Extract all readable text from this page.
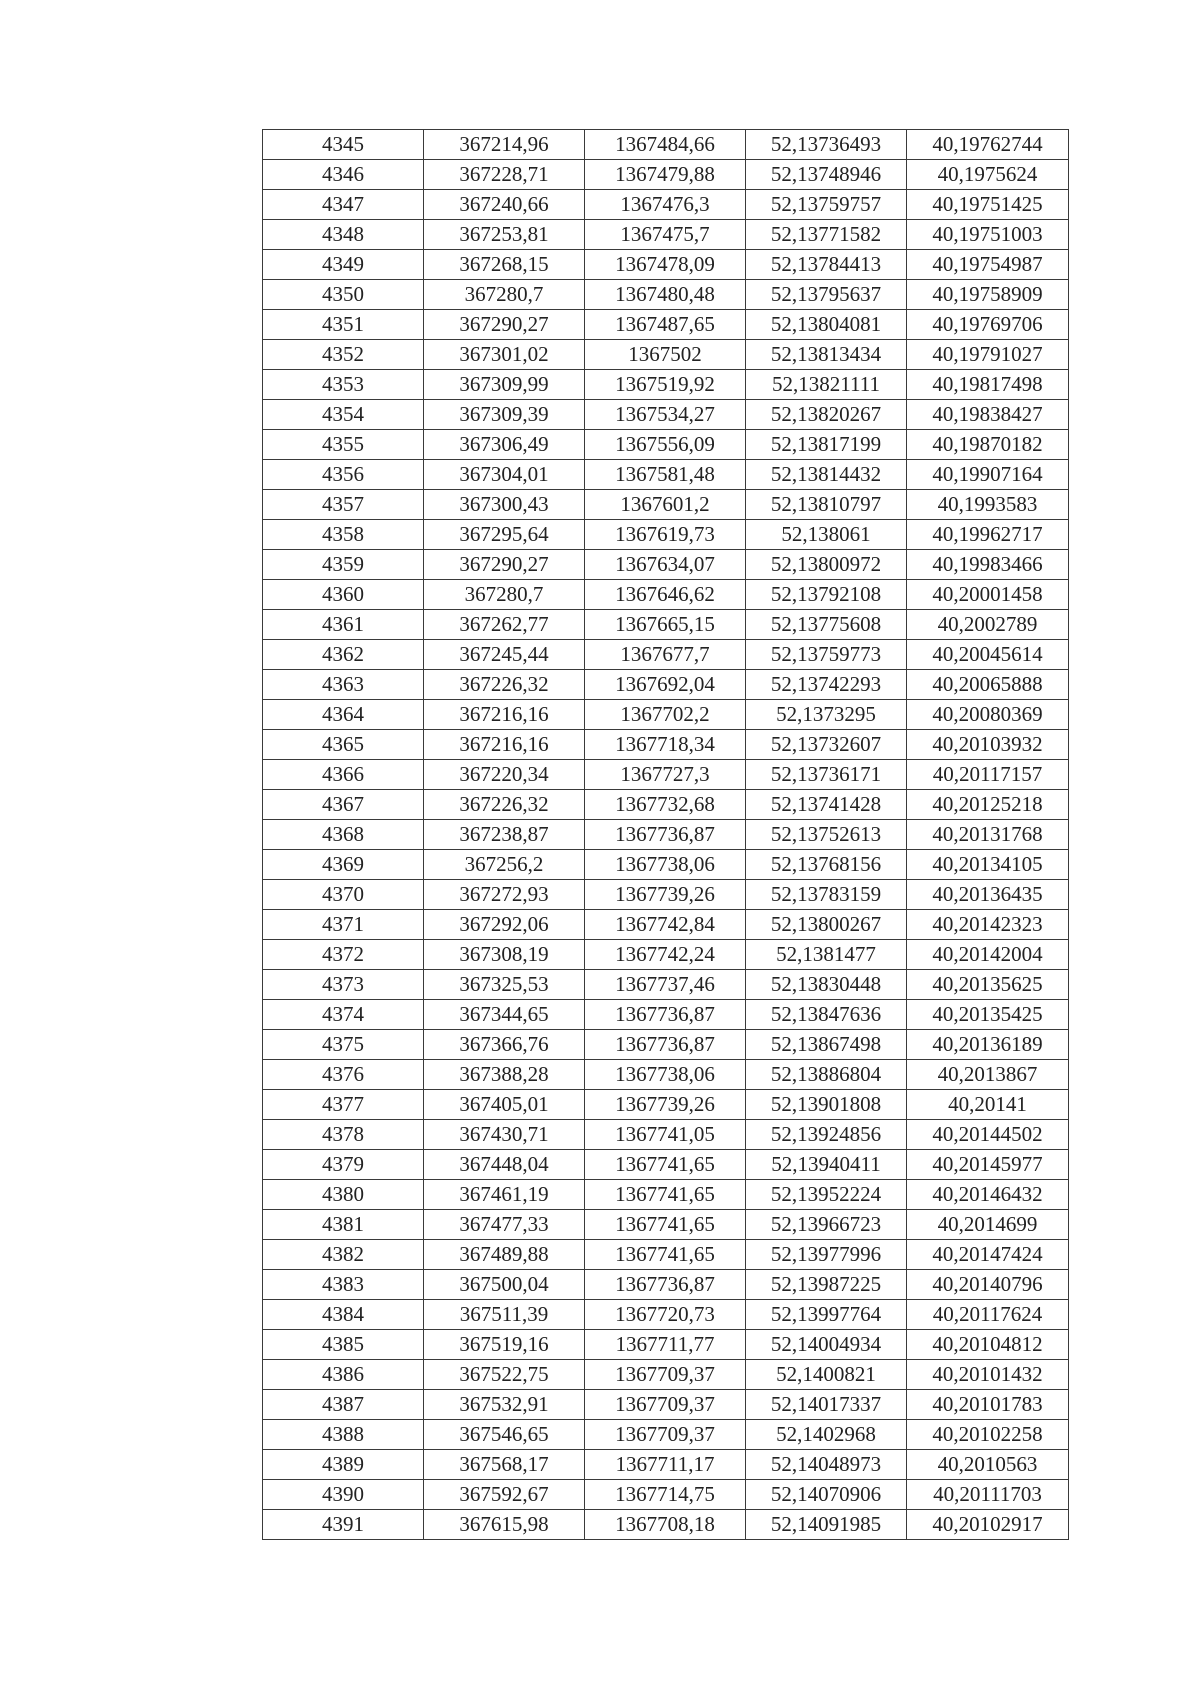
4345	367214,96	1367484,66	52,13736493	40,19762744
4346	367228,71	1367479,88	52,13748946	40,1975624
4347	367240,66	1367476,3	52,13759757	40,19751425
4348	367253,81	1367475,7	52,13771582	40,19751003
4349	367268,15	1367478,09	52,13784413	40,19754987
4350	367280,7	1367480,48	52,13795637	40,19758909
4351	367290,27	1367487,65	52,13804081	40,19769706
4352	367301,02	1367502	52,13813434	40,19791027
4353	367309,99	1367519,92	52,13821111	40,19817498
4354	367309,39	1367534,27	52,13820267	40,19838427
4355	367306,49	1367556,09	52,13817199	40,19870182
4356	367304,01	1367581,48	52,13814432	40,19907164
4357	367300,43	1367601,2	52,13810797	40,1993583
4358	367295,64	1367619,73	52,138061	40,19962717
4359	367290,27	1367634,07	52,13800972	40,19983466
4360	367280,7	1367646,62	52,13792108	40,20001458
4361	367262,77	1367665,15	52,13775608	40,2002789
4362	367245,44	1367677,7	52,13759773	40,20045614
4363	367226,32	1367692,04	52,13742293	40,20065888
4364	367216,16	1367702,2	52,1373295	40,20080369
4365	367216,16	1367718,34	52,13732607	40,20103932
4366	367220,34	1367727,3	52,13736171	40,20117157
4367	367226,32	1367732,68	52,13741428	40,20125218
4368	367238,87	1367736,87	52,13752613	40,20131768
4369	367256,2	1367738,06	52,13768156	40,20134105
4370	367272,93	1367739,26	52,13783159	40,20136435
4371	367292,06	1367742,84	52,13800267	40,20142323
4372	367308,19	1367742,24	52,1381477	40,20142004
4373	367325,53	1367737,46	52,13830448	40,20135625
4374	367344,65	1367736,87	52,13847636	40,20135425
4375	367366,76	1367736,87	52,13867498	40,20136189
4376	367388,28	1367738,06	52,13886804	40,2013867
4377	367405,01	1367739,26	52,13901808	40,20141
4378	367430,71	1367741,05	52,13924856	40,20144502
4379	367448,04	1367741,65	52,13940411	40,20145977
4380	367461,19	1367741,65	52,13952224	40,20146432
4381	367477,33	1367741,65	52,13966723	40,2014699
4382	367489,88	1367741,65	52,13977996	40,20147424
4383	367500,04	1367736,87	52,13987225	40,20140796
4384	367511,39	1367720,73	52,13997764	40,20117624
4385	367519,16	1367711,77	52,14004934	40,20104812
4386	367522,75	1367709,37	52,1400821	40,20101432
4387	367532,91	1367709,37	52,14017337	40,20101783
4388	367546,65	1367709,37	52,1402968	40,20102258
4389	367568,17	1367711,17	52,14048973	40,2010563
4390	367592,67	1367714,75	52,14070906	40,20111703
4391	367615,98	1367708,18	52,14091985	40,20102917
